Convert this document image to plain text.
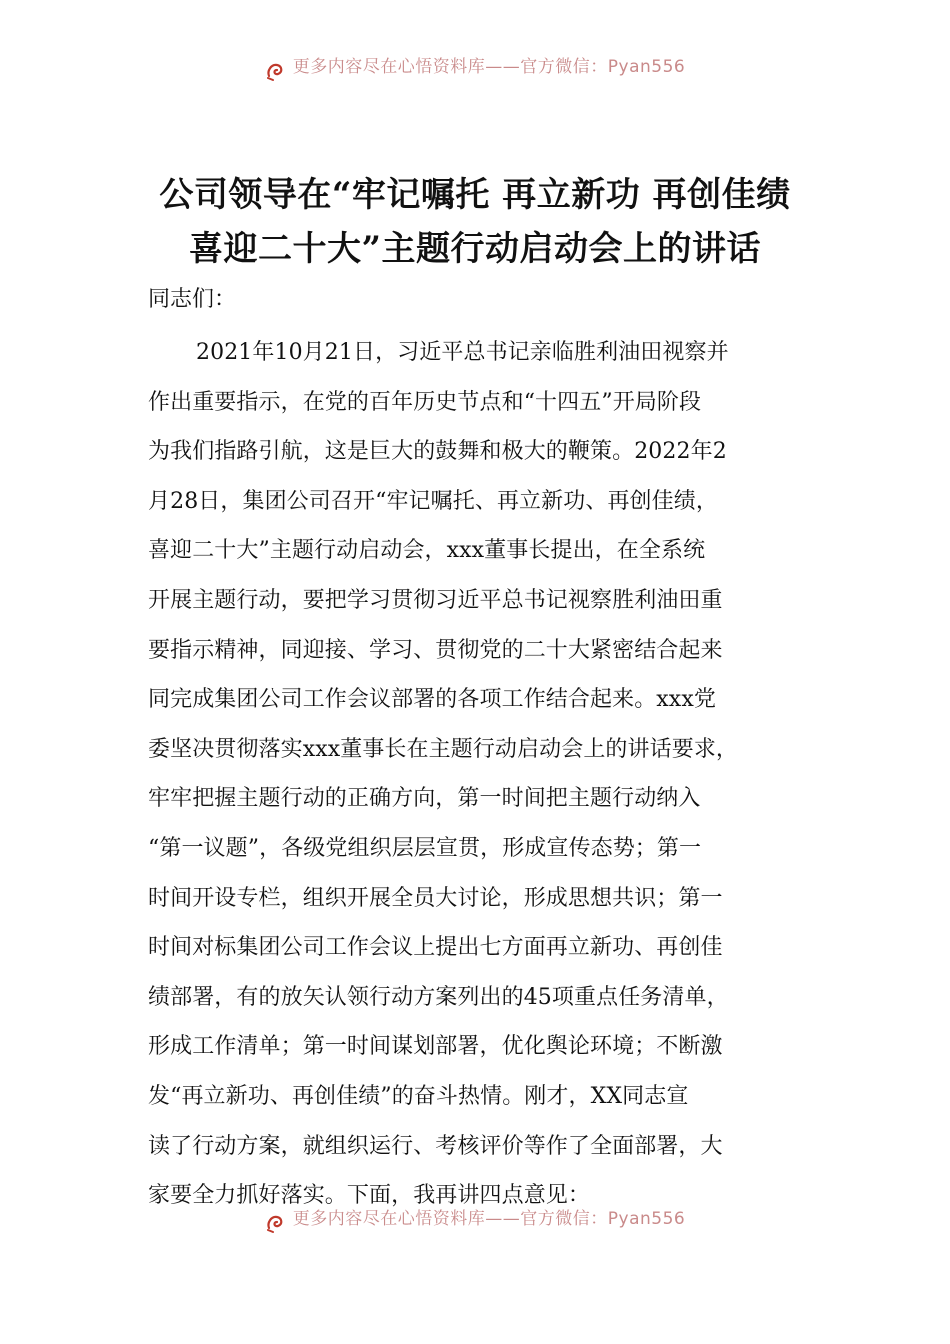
更多内容尽在心悟资料库——官方微信：Pyan556
公司领导在“牢记嘱托 再立新功 再创佳绩
喜迎二十大”主题行动启动会上的讲话

同志们：

2021年10月21日，习近平总书记亲临胜利油田视察并
作出重要指示，在党的百年历史节点和“十四五”开局阶段
为我们指路引航，这是巨大的鼓舞和极大的鞭策。2022年2
月28日，集团公司召开“牢记嘱托、再立新功、再创佳绩，
喜迎二十大”主题行动启动会，xxx董事长提出，在全系统
开展主题行动，要把学习贯彻习近平总书记视察胜利油田重
要指示精神，同迎接、学习、贯彻党的二十大紧密结合起来
同完成集团公司工作会议部署的各项工作结合起来。xxx党
委坚决贯彻落实xxx董事长在主题行动启动会上的讲话要求，
牢牢把握主题行动的正确方向，第一时间把主题行动纳入
“第一议题”，各级党组织层层宣贯，形成宣传态势；第一
时间开设专栏，组织开展全员大讨论，形成思想共识；第一
时间对标集团公司工作会议上提出七方面再立新功、再创佳
绩部署，有的放矢认领行动方案列出的45项重点任务清单，
形成工作清单；第一时间谋划部署，优化舆论环境；不断激
发“再立新功、再创佳绩”的奋斗热情。刚才，XX同志宣
读了行动方案，就组织运行、考核评价等作了全面部署，大
家要全力抓好落实。下面，我再讲四点意见：

更多内容尽在心悟资料库——官方微信：Pyan556
